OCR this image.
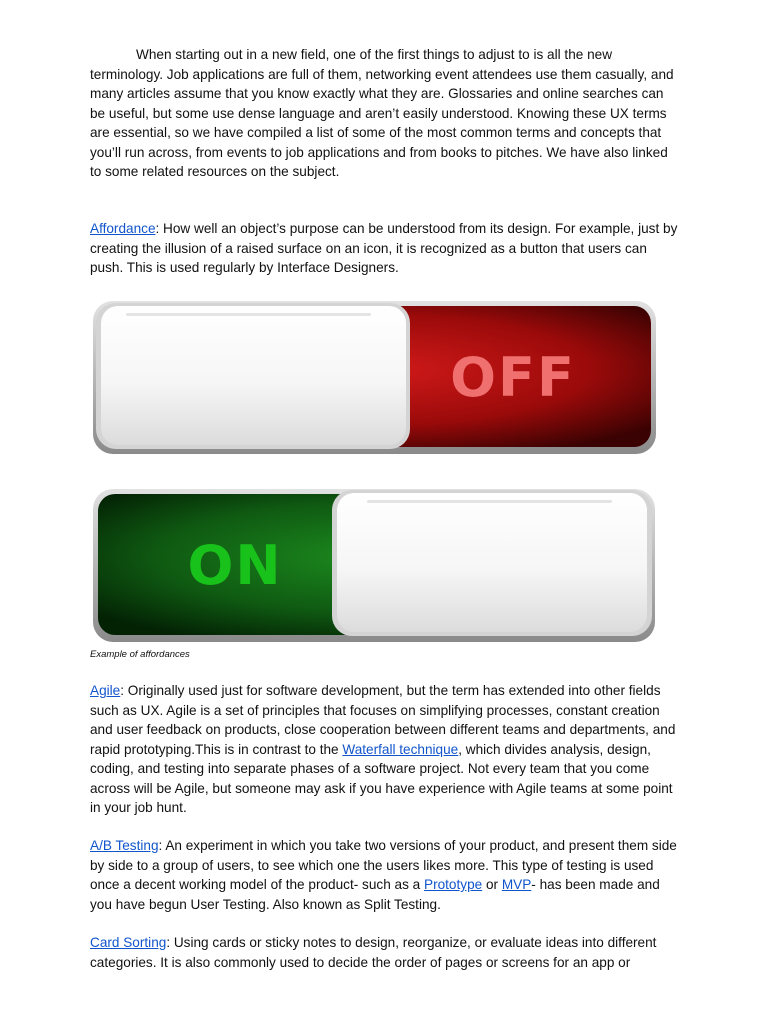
When starting out in a new field, one of the first things to adjust to is all the new terminology. Job applications are full of them, networking event attendees use them casually, and many articles assume that you know exactly what they are. Glossaries and online searches can be useful, but some use dense language and aren’t easily understood. Knowing these UX terms are essential, so we have compiled a list of some of the most common terms and concepts that you’ll run across, from events to job applications and from books to pitches. We have also linked to some related resources on the subject.

Affordance: How well an object’s purpose can be understood from its design. For example, just by creating the illusion of a raised surface on an icon, it is recognized as a button that users can push. This is used regularly by Interface Designers.

OFF
ON
Example of affordances

Agile: Originally used just for software development, but the term has extended into other fields such as UX. Agile is a set of principles that focuses on simplifying processes, constant creation and user feedback on products, close cooperation between different teams and departments, and rapid prototyping.This is in contrast to the Waterfall technique, which divides analysis, design, coding, and testing into separate phases of a software project. Not every team that you come across will be Agile, but someone may ask if you have experience with Agile teams at some point in your job hunt.

A/B Testing: An experiment in which you take two versions of your product, and present them side by side to a group of users, to see which one the users likes more. This type of testing is used once a decent working model of the product- such as a Prototype or MVP- has been made and you have begun User Testing. Also known as Split Testing.

Card Sorting: Using cards or sticky notes to design, reorganize, or evaluate ideas into different categories. It is also commonly used to decide the order of pages or screens for an app or
